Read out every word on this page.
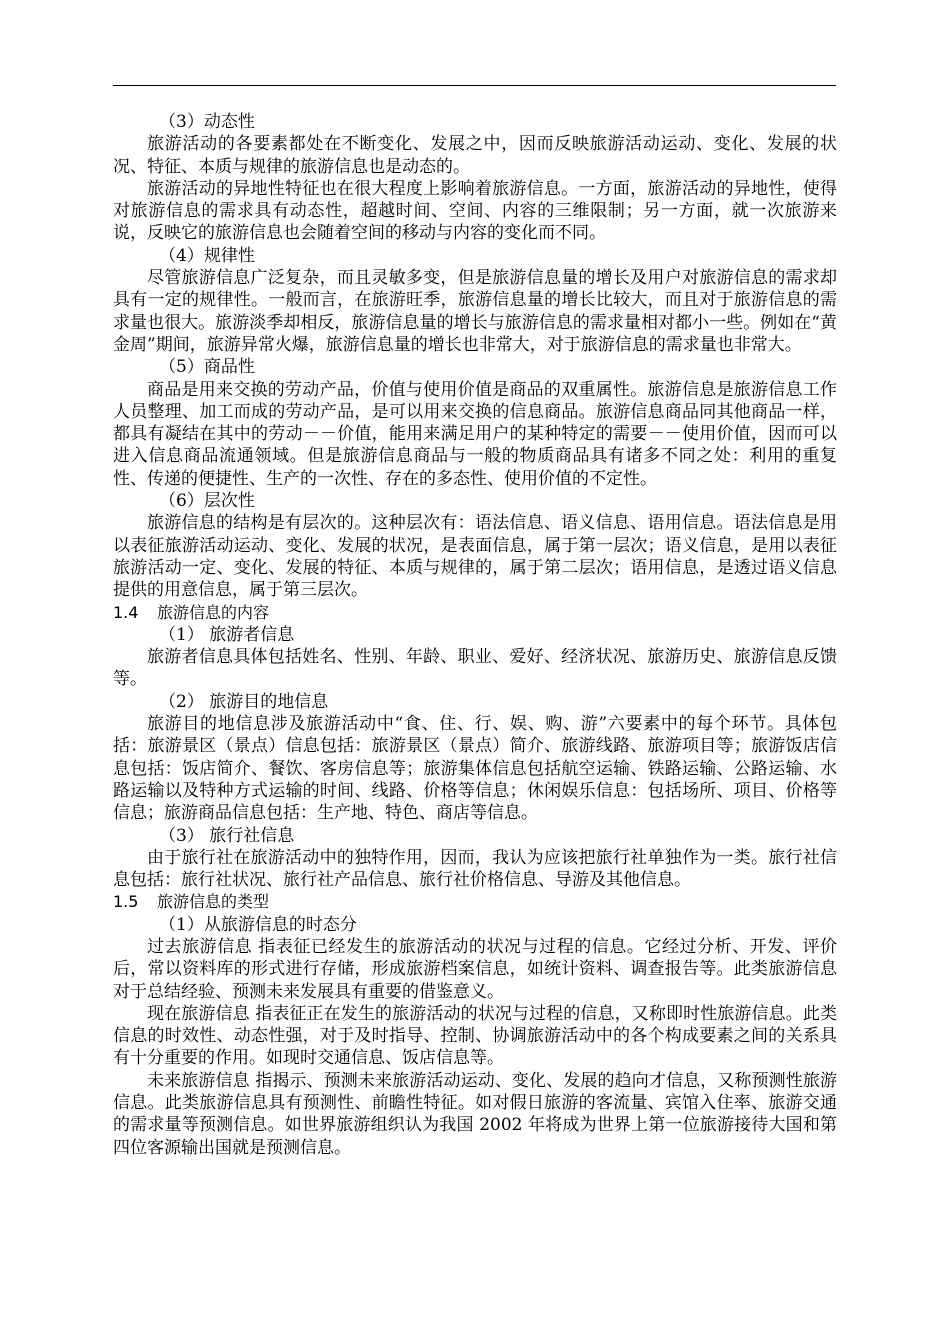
（3）动态性

旅游活动的各要素都处在不断变化、发展之中，因而反映旅游活动运动、变化、发展的状况、特征、本质与规律的旅游信息也是动态的。

旅游活动的异地性特征也在很大程度上影响着旅游信息。一方面，旅游活动的异地性，使得对旅游信息的需求具有动态性，超越时间、空间、内容的三维限制；另一方面，就一次旅游来说，反映它的旅游信息也会随着空间的移动与内容的变化而不同。

（4）规律性

尽管旅游信息广泛复杂，而且灵敏多变，但是旅游信息量的增长及用户对旅游信息的需求却具有一定的规律性。一般而言，在旅游旺季，旅游信息量的增长比较大，而且对于旅游信息的需求量也很大。旅游淡季却相反，旅游信息量的增长与旅游信息的需求量相对都小一些。例如在“黄金周”期间，旅游异常火爆，旅游信息量的增长也非常大，对于旅游信息的需求量也非常大。

（5）商品性

商品是用来交换的劳动产品，价值与使用价值是商品的双重属性。旅游信息是旅游信息工作人员整理、加工而成的劳动产品，是可以用来交换的信息商品。旅游信息商品同其他商品一样，都具有凝结在其中的劳动－－价值，能用来满足用户的某种特定的需要－－使用价值，因而可以进入信息商品流通领域。但是旅游信息商品与一般的物质商品具有诸多不同之处：利用的重复性、传递的便捷性、生产的一次性、存在的多态性、使用价值的不定性。

（6）层次性

旅游信息的结构是有层次的。这种层次有：语法信息、语义信息、语用信息。语法信息是用以表征旅游活动运动、变化、发展的状况，是表面信息，属于第一层次；语义信息，是用以表征旅游活动一定、变化、发展的特征、本质与规律的，属于第二层次；语用信息，是透过语义信息提供的用意信息，属于第三层次。

1.4 旅游信息的内容

（1） 旅游者信息

旅游者信息具体包括姓名、性别、年龄、职业、爱好、经济状况、旅游历史、旅游信息反馈等。

（2） 旅游目的地信息

旅游目的地信息涉及旅游活动中“食、住、行、娱、购、游”六要素中的每个环节。具体包括：旅游景区（景点）信息包括：旅游景区（景点）简介、旅游线路、旅游项目等；旅游饭店信息包括：饭店简介、餐饮、客房信息等；旅游集体信息包括航空运输、铁路运输、公路运输、水路运输以及特种方式运输的时间、线路、价格等信息；休闲娱乐信息：包括场所、项目、价格等信息；旅游商品信息包括：生产地、特色、商店等信息。

（3） 旅行社信息

由于旅行社在旅游活动中的独特作用，因而，我认为应该把旅行社单独作为一类。旅行社信息包括：旅行社状况、旅行社产品信息、旅行社价格信息、导游及其他信息。

1.5 旅游信息的类型

（1）从旅游信息的时态分

过去旅游信息 指表征已经发生的旅游活动的状况与过程的信息。它经过分析、开发、评价后，常以资料库的形式进行存储，形成旅游档案信息，如统计资料、调查报告等。此类旅游信息对于总结经验、预测未来发展具有重要的借鉴意义。

现在旅游信息 指表征正在发生的旅游活动的状况与过程的信息，又称即时性旅游信息。此类信息的时效性、动态性强，对于及时指导、控制、协调旅游活动中的各个构成要素之间的关系具有十分重要的作用。如现时交通信息、饭店信息等。

未来旅游信息 指揭示、预测未来旅游活动运动、变化、发展的趋向才信息，又称预测性旅游信息。此类旅游信息具有预测性、前瞻性特征。如对假日旅游的客流量、宾馆入住率、旅游交通的需求量等预测信息。如世界旅游组织认为我国 2002 年将成为世界上第一位旅游接待大国和第四位客源输出国就是预测信息。
